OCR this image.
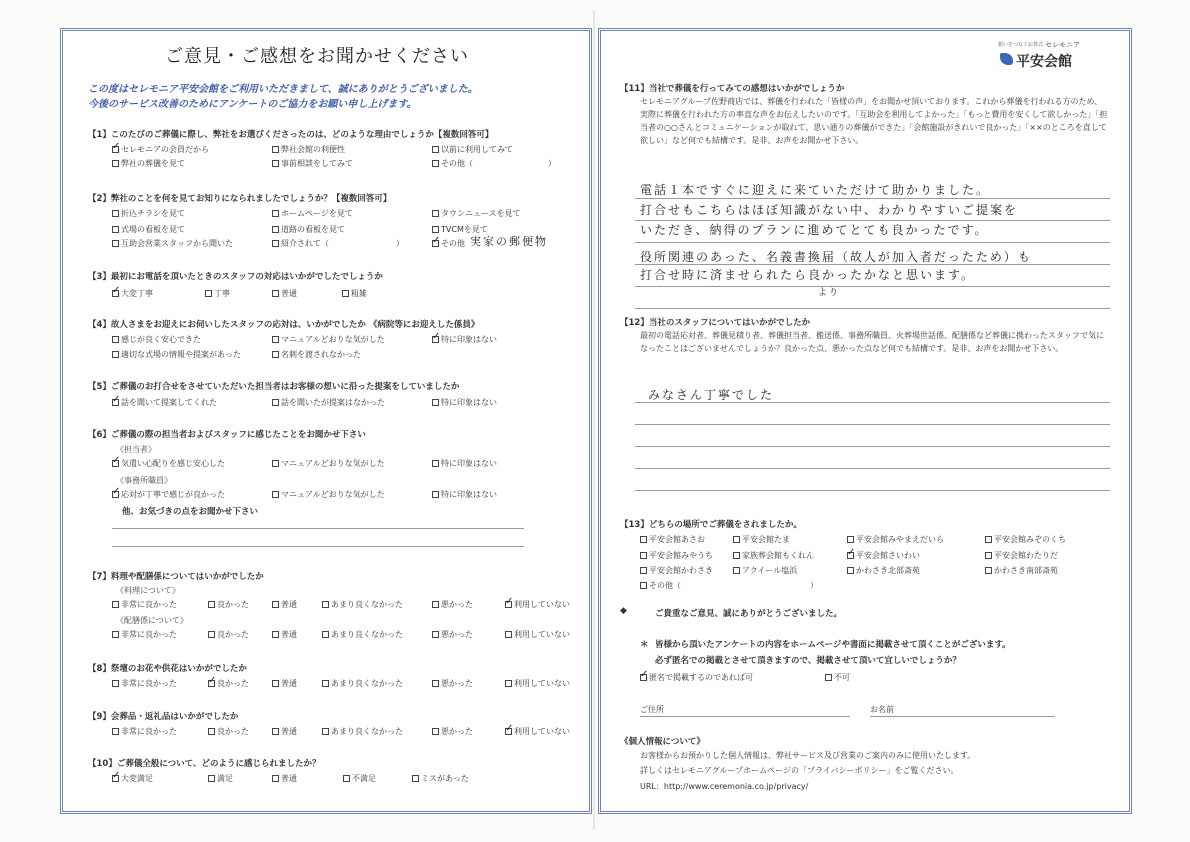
ご意見・ご感想をお聞かせください
この度はセレモニア平安会館をご利用いただきまして、誠にありがとうございました。
今後のサービス改善のためにアンケートのご協力をお願い申し上げます。
想いをつなぐお葬式 セレモニア
平安会館
【1】このたびのご葬儀に際し、弊社をお選びくださったのは、どのような理由でしょうか【複数回答可】
✓セレモニアの会員だから	弊社会館の利便性	以前に利用してみて
弊社の葬儀を見て	事前相談をしてみて	その他（	）
【2】弊社のことを何を見てお知りになられましたでしょうか？【複数回答可】
折込チラシを見て	ホームページを見て	タウンニュースを見て
式場の看板を見て	道路の看板を見て	TVCMを見て
互助会営業スタッフから聞いた	紹介されて（	） ✓	その他 実家の郵便物
【3】最初にお電話を頂いたときのスタッフの対応はいかがでしたでしょうか
✓大変丁寧	丁寧	普通	粗雑
【4】故人さまをお迎えにお伺いしたスタッフの応対は、いかがでしたか 《病院等にお迎えした係員》
感じが良く安心できた	マニュアルどおりな気がした ✓	特に印象はない
適切な式場の情報や提案があった	名刺を渡されなかった
【5】ご葬儀のお打合せをさせていただいた担当者はお客様の想いに沿った提案をしていましたか
✓話を聞いて提案してくれた	話を聞いたが提案はなかった	特に印象はない
【6】ご葬儀の際の担当者およびスタッフに感じたことをお聞かせ下さい
《担当者》
✓気遣い心配りを感じ安心した	マニュアルどおりな気がした	特に印象はない
《事務所職員》
✓応対が丁寧で感じが良かった	マニュアルどおりな気がした	特に印象はない
他、お気づきの点をお聞かせ下さい
【7】料理や配膳係についてはいかがでしたか
《料理について》
非常に良かった	良かった	普通	あまり良くなかった	悪かった ✓	利用していない
《配膳係について》
非常に良かった	良かった	普通	あまり良くなかった	悪かった	利用していない
【8】祭壇のお花や供花はいかがでしたか
非常に良かった ✓	良かった	普通	あまり良くなかった	悪かった	利用していない
【9】会葬品・返礼品はいかがでしたか
非常に良かった	良かった	普通	あまり良くなかった	悪かった ✓	利用していない
【10】ご葬儀全般について、どのように感じられましたか？
✓大変満足	満足	普通	不満足	ミスがあった
【11】当社で葬儀を行ってみての感想はいかがでしょうか
セレモニアグループ佐野商店では、葬儀を行われた「皆様の声」をお聞かせ頂いております。これから葬儀を行われる方のため、実際に葬儀を行われた方の率直な声をお伝えしたいのです。「互助会を利用してよかった」「もっと費用を安くして欲しかった」「担当者の○○さんとコミュニケーションが取れて、思い通りの葬儀ができた」「会館施設がきれいで良かった」「××のところを直して欲しい」など何でも結構です。是非、お声をお聞かせ下さい。
電話１本ですぐに迎えに来ていただけて助かりました。
打合せもこちらはほぼ知識がない中、わかりやすいご提案を
いただき、納得のプランに進めてとても良かったです。
役所関連のあった、名義書換届（故人が加入者だったため）も
打合せ時に済ませられたら良かったかなと思います。
より
【12】当社のスタッフについてはいかがでしたか
最初の電話応対者、葬儀見積り者、葬儀担当者、搬送係、事務所職員、火葬場世話係、配膳係など葬儀に携わったスタッフで気になったことはございませんでしょうか？良かった点、悪かった点など何でも結構です。是非、お声をお聞かせ下さい。
みなさん丁寧でした
【13】どちらの場所でご葬儀をされましたか。
平安会館あさお	平安会館たま	平安会館みやまえだいら	平安会館みぞのくち
平安会館みやうち	家族葬会館もくれん ✓	平安会館さいわい	平安会館わたりだ
平安会館かわさき	アクイール塩浜	かわさき北部斎苑	かわさき南部斎苑
その他（	）
◆	ご貴重なご意見、誠にありがとうございました。
＊ 皆様から頂いたアンケートの内容をホームページや書面に掲載させて頂くことがございます。
必ず匿名での掲載とさせて頂きますので、掲載させて頂いて宜しいでしょうか？
✓匿名で掲載するのであれば可	不可
ご住所	お名前
《個人情報について》
お客様からお預かりした個人情報は、弊社サービス及び営業のご案内のみに使用いたします。
詳しくはセレモニアグループホームページの「プライバシーポリシー」をご覧ください。
URL：http://www.ceremonia.co.jp/privacy/
